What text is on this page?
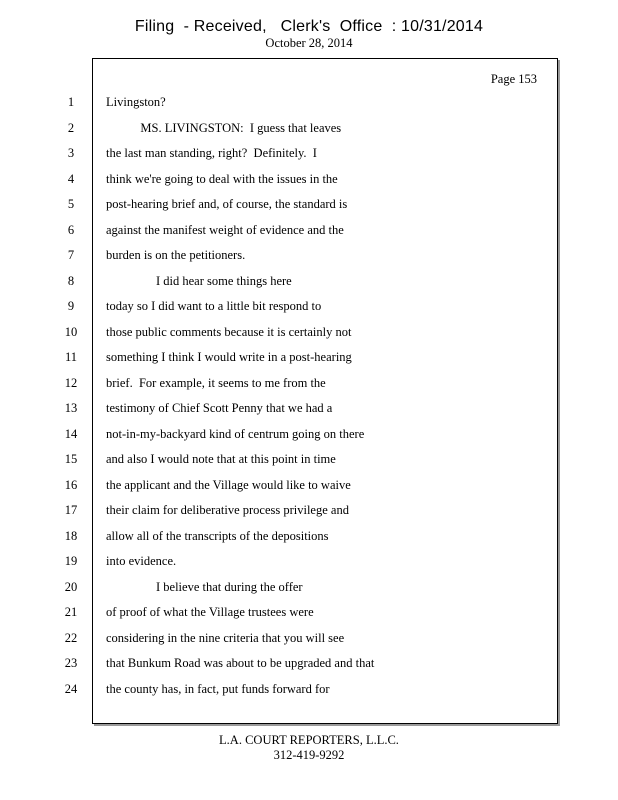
Filing  - Received,   Clerk's  Office  : 10/31/2014
October 28, 2014
Page 153
1	Livingston?
2	MS. LIVINGSTON:  I guess that leaves
3	the last man standing, right?  Definitely.  I
4	think we're going to deal with the issues in the
5	post-hearing brief and, of course, the standard is
6	against the manifest weight of evidence and the
7	burden is on the petitioners.
8	I did hear some things here
9	today so I did want to a little bit respond to
10	those public comments because it is certainly not
11	something I think I would write in a post-hearing
12	brief.  For example, it seems to me from the
13	testimony of Chief Scott Penny that we had a
14	not-in-my-backyard kind of centrum going on there
15	and also I would note that at this point in time
16	the applicant and the Village would like to waive
17	their claim for deliberative process privilege and
18	allow all of the transcripts of the depositions
19	into evidence.
20	I believe that during the offer
21	of proof of what the Village trustees were
22	considering in the nine criteria that you will see
23	that Bunkum Road was about to be upgraded and that
24	the county has, in fact, put funds forward for
L.A. COURT REPORTERS, L.L.C.
312-419-9292
